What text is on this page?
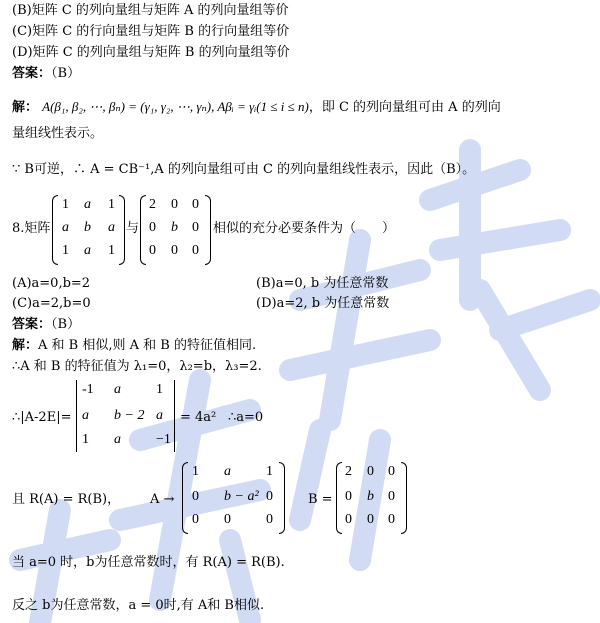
学部教育
(B)矩阵 C 的列向量组与矩阵 A 的列向量组等价
(C)矩阵 C 的行向量组与矩阵 B 的行向量组等价
(D)矩阵 C 的列向量组与矩阵 B 的列向量组等价
答案：（B）
解： A(β₁, β₂, ⋯, βₙ) = (γ₁, γ₂, ⋯, γₙ), Aβᵢ = γᵢ(1 ≤ i ≤ n)，即 C 的列向量组可由 A 的列向
量组线性表示。
∵ B可逆，∴ A = CB⁻¹,A 的列向量组可由 C 的列向量组线性表示，因此（B）。
8.矩阵
1 a 1
a b a
1 a 1
与
2 0 0
0 b 0
0 0 0
相似的充分必要条件为（　　）
(A)a=0,b=2	(B)a=0, b 为任意常数
(C)a=2,b=0	(D)a=2, b 为任意常数
答案：（B）
解：A 和 B 相似,则 A 和 B 的特征值相同.
∴A 和 B 的特征值为 λ₁=0，λ₂=b，λ₃=2.
∴|A-2E|=
-1 a	1
a b − 2 a
1 a	−1
= 4a² ∴a=0
且 R(A) = R(B)， A →
1 a	1
0 b − a² 0
0 0	0
B =
2 0 0
0 b 0
0 0 0
当 a=0 时，b为任意常数时，有 R(A) = R(B).
反之 b为任意常数，a = 0时,有 A和 B相似.
